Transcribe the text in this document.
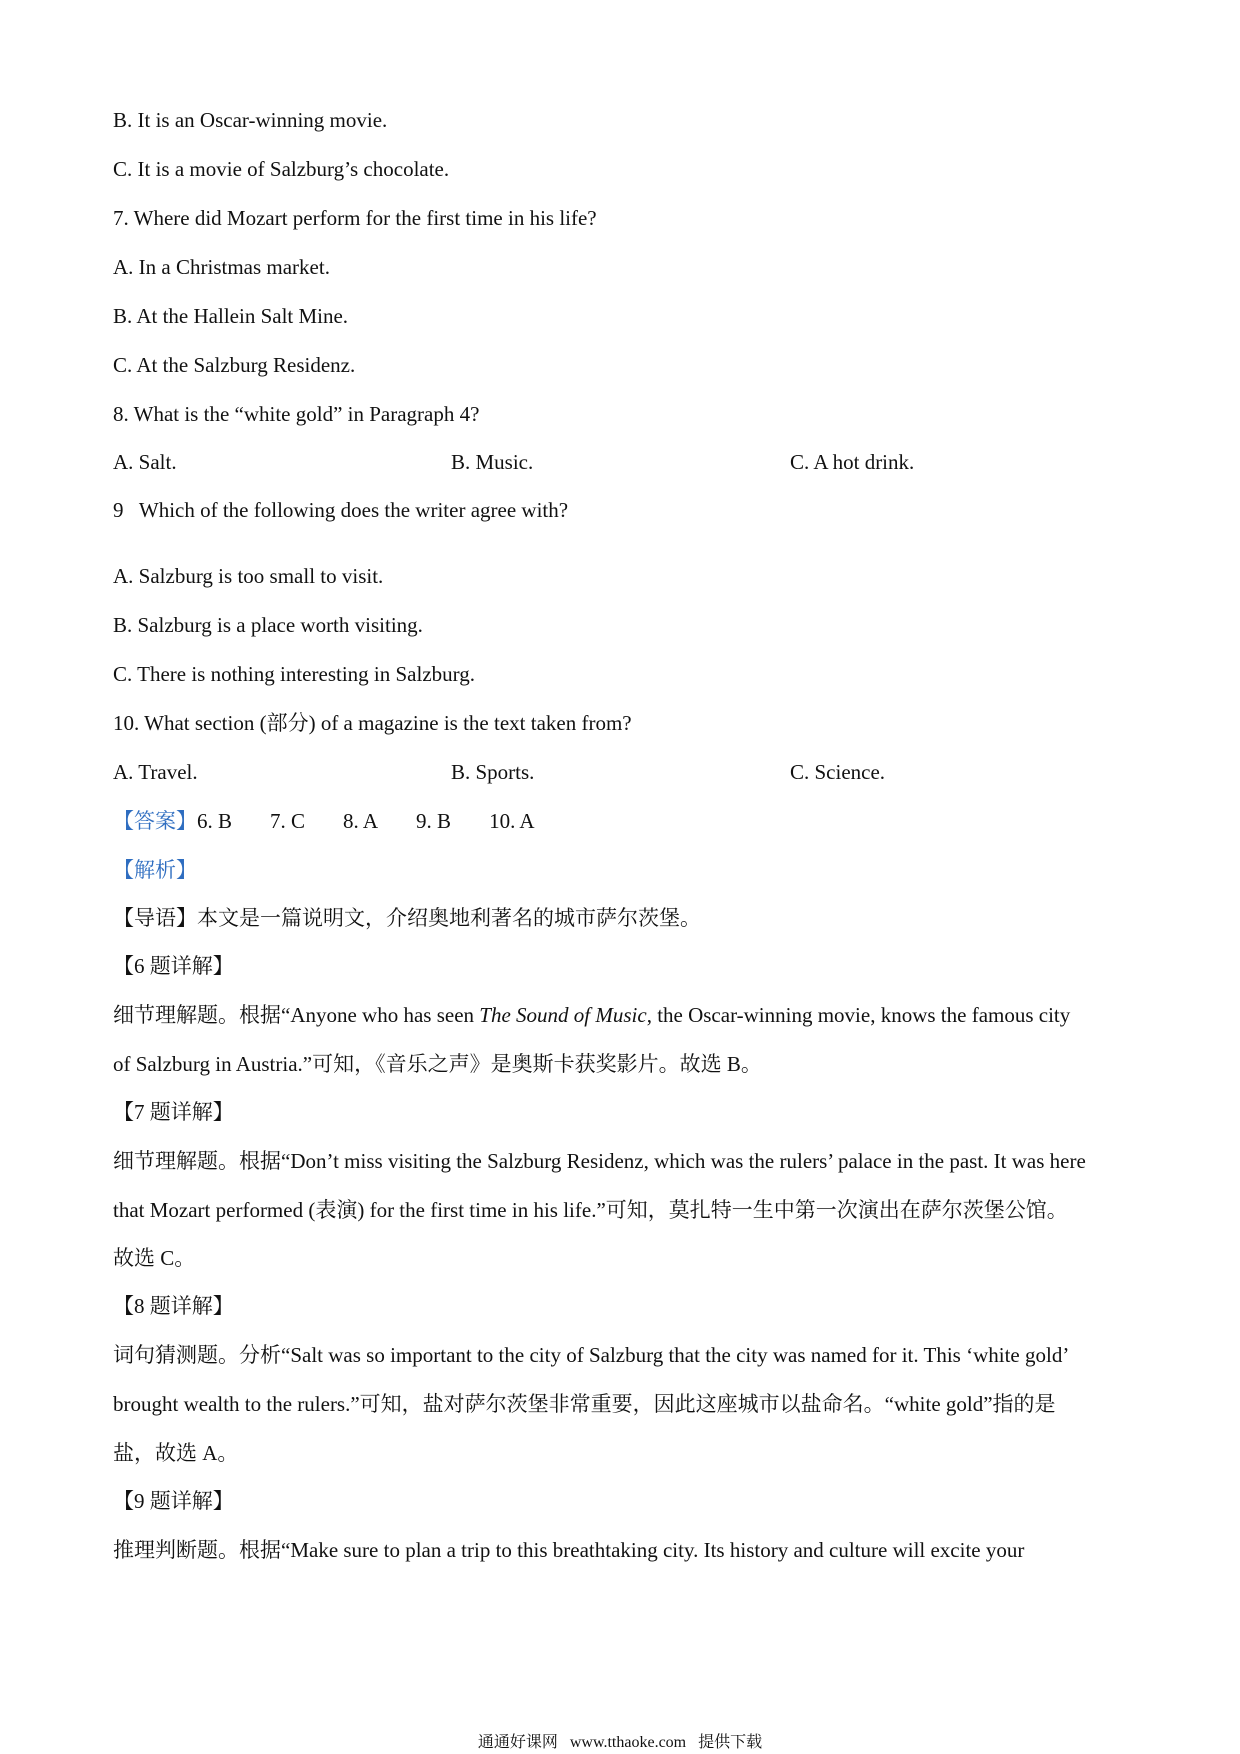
B. It is an Oscar-winning movie.
C. It is a movie of Salzburg’s chocolate.
7. Where did Mozart perform for the first time in his life?
A. In a Christmas market.
B. At the Hallein Salt Mine.
C. At the Salzburg Residenz.
8. What is the “white gold” in Paragraph 4?
A. Salt.	B. Music.	C. A hot drink.
9   Which of the following does the writer agree with?
A. Salzburg is too small to visit.
B. Salzburg is a place worth visiting.
C. There is nothing interesting in Salzburg.
10. What section (部分) of a magazine is the text taken from?
A. Travel.	B. Sports.	C. Science.
【答案】6. B 7. C 8. A 9. B 10. A
【解析】
【导语】本文是一篇说明文，介绍奥地利著名的城市萨尔茨堡。
【6 题详解】
细节理解题。根据“Anyone who has seen The Sound of Music, the Oscar-winning movie, knows the famous city
of Salzburg in Austria.”可知，《音乐之声》是奥斯卡获奖影片。故选 B。
【7 题详解】
细节理解题。根据“Don’t miss visiting the Salzburg Residenz, which was the rulers’ palace in the past. It was here
that Mozart performed (表演) for the first time in his life.”可知，莫扎特一生中第一次演出在萨尔茨堡公馆。
故选 C。
【8 题详解】
词句猜测题。分析“Salt was so important to the city of Salzburg that the city was named for it. This ‘white gold’
brought wealth to the rulers.”可知，盐对萨尔茨堡非常重要，因此这座城市以盐命名。“white gold”指的是
盐，故选 A。
【9 题详解】
推理判断题。根据“Make sure to plan a trip to this breathtaking city. Its history and culture will excite your
通通好课网 www.tthaoke.com 提供下载
